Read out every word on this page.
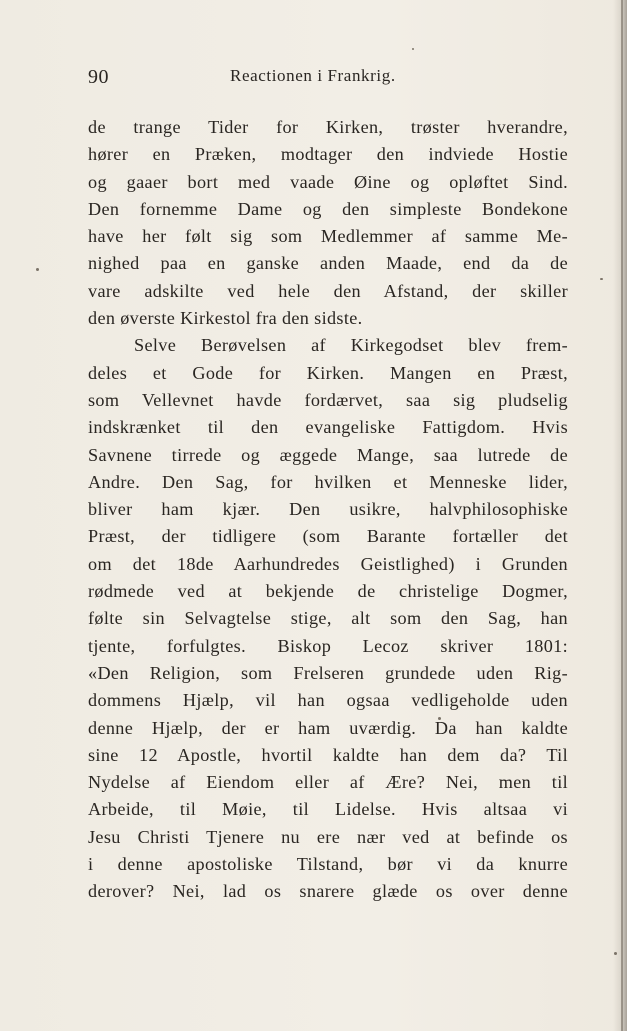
90	Reactionen i Frankrig.
de trange Tider for Kirken, trøster hverandre,
hører en Præken, modtager den indviede Hostie
og gaaer bort med vaade Øine og opløftet Sind.
Den fornemme Dame og den simpleste Bondekone
have her følt sig som Medlemmer af samme Me-
nighed paa en ganske anden Maade, end da de
vare adskilte ved hele den Afstand, der skiller
den øverste Kirkestol fra den sidste.
Selve Berøvelsen af Kirkegodset blev frem-
deles et Gode for Kirken. Mangen en Præst,
som Vellevnet havde fordærvet, saa sig pludselig
indskrænket til den evangeliske Fattigdom. Hvis
Savnene tirrede og æggede Mange, saa lutrede de
Andre. Den Sag, for hvilken et Menneske lider,
bliver ham kjær. Den usikre, halvphilosophiske
Præst, der tidligere (som Barante fortæller det
om det 18de Aarhundredes Geistlighed) i Grunden
rødmede ved at bekjende de christelige Dogmer,
følte sin Selvagtelse stige, alt som den Sag, han
tjente, forfulgtes. Biskop Lecoz skriver 1801:
«Den Religion, som Frelseren grundede uden Rig-
dommens Hjælp, vil han ogsaa vedligeholde uden
denne Hjælp, der er ham uværdig. Da han kaldte
sine 12 Apostle, hvortil kaldte han dem da? Til
Nydelse af Eiendom eller af Ære? Nei, men til
Arbeide, til Møie, til Lidelse. Hvis altsaa vi
Jesu Christi Tjenere nu ere nær ved at befinde os
i denne apostoliske Tilstand, bør vi da knurre
derover? Nei, lad os snarere glæde os over denne
